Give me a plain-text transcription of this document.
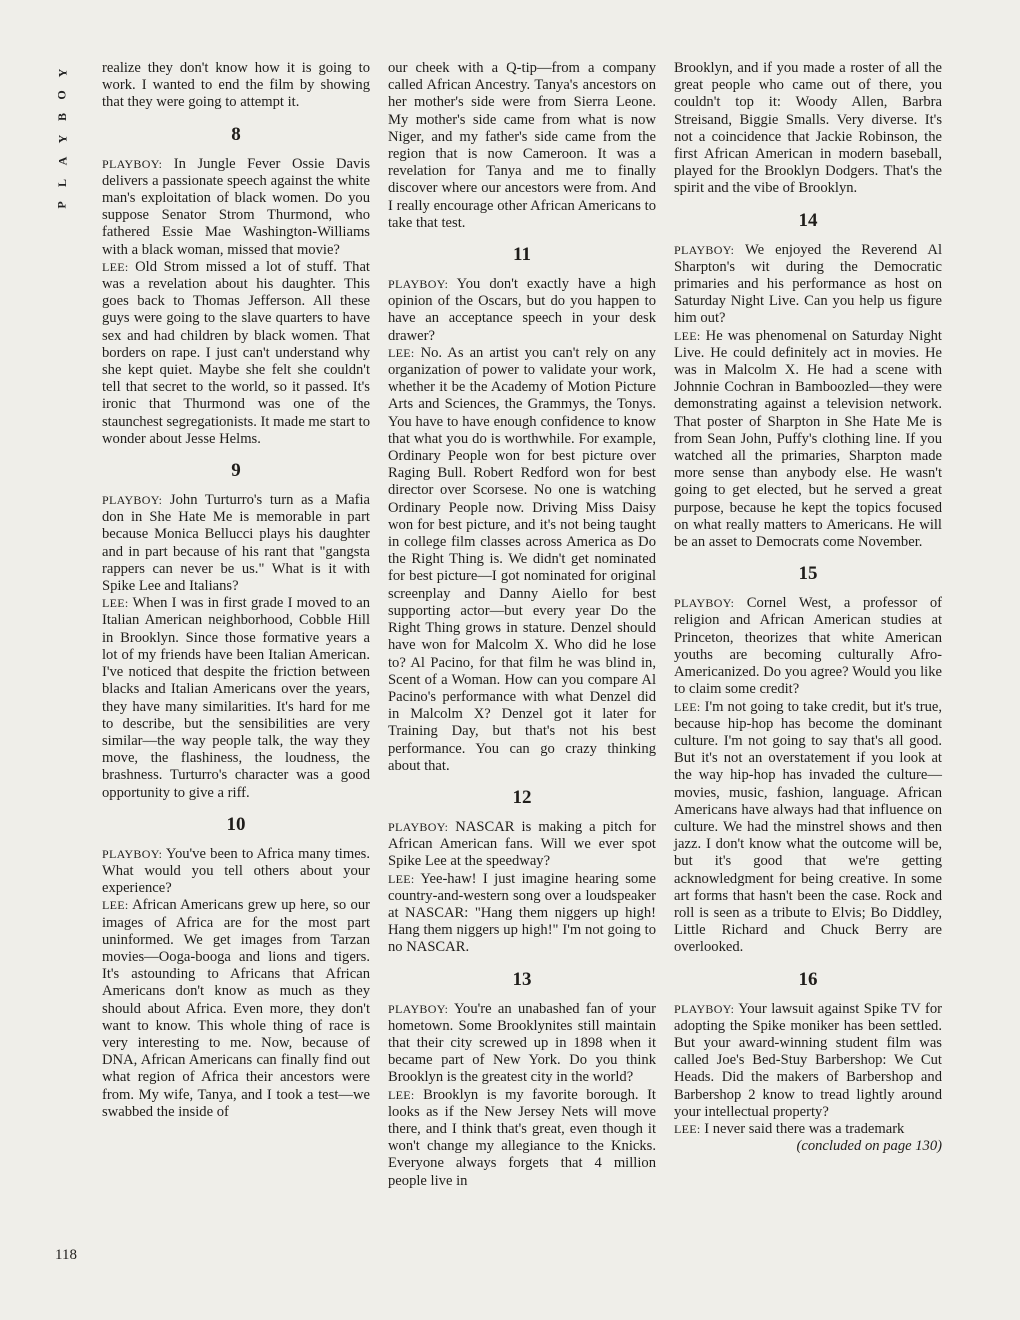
Y
O
B
Y
A
L
P
118

realize they don't know how it is going to work. I wanted to end the film by showing that they were going to attempt it.

8

PLAYBOY: In Jungle Fever Ossie Davis delivers a passionate speech against the white man's exploitation of black women. Do you suppose Senator Strom Thurmond, who fathered Essie Mae Washington-Williams with a black woman, missed that movie?

LEE: Old Strom missed a lot of stuff. That was a revelation about his daughter. This goes back to Thomas Jefferson. All these guys were going to the slave quarters to have sex and had children by black women. That borders on rape. I just can't understand why she kept quiet. Maybe she felt she couldn't tell that secret to the world, so it passed. It's ironic that Thurmond was one of the staunchest segregationists. It made me start to wonder about Jesse Helms.

9

PLAYBOY: John Turturro's turn as a Mafia don in She Hate Me is memorable in part because Monica Bellucci plays his daughter and in part because of his rant that "gangsta rappers can never be us." What is it with Spike Lee and Italians?

LEE: When I was in first grade I moved to an Italian American neighborhood, Cobble Hill in Brooklyn. Since those formative years a lot of my friends have been Italian American. I've noticed that despite the friction between blacks and Italian Americans over the years, they have many similarities. It's hard for me to describe, but the sensibilities are very similar—the way people talk, the way they move, the flashiness, the loudness, the brashness. Turturro's character was a good opportunity to give a riff.

10

PLAYBOY: You've been to Africa many times. What would you tell others about your experience?

LEE: African Americans grew up here, so our images of Africa are for the most part uninformed. We get images from Tarzan movies—Ooga-booga and lions and tigers. It's astounding to Africans that African Americans don't know as much as they should about Africa. Even more, they don't want to know. This whole thing of race is very interesting to me. Now, because of DNA, African Americans can finally find out what region of Africa their ancestors were from. My wife, Tanya, and I took a test—we swabbed the inside of

our cheek with a Q-tip—from a company called African Ancestry. Tanya's ancestors on her mother's side were from Sierra Leone. My mother's side came from what is now Niger, and my father's side came from the region that is now Cameroon. It was a revelation for Tanya and me to finally discover where our ancestors were from. And I really encourage other African Americans to take that test.

11

PLAYBOY: You don't exactly have a high opinion of the Oscars, but do you happen to have an acceptance speech in your desk drawer?

LEE: No. As an artist you can't rely on any organization of power to validate your work, whether it be the Academy of Motion Picture Arts and Sciences, the Grammys, the Tonys. You have to have enough confidence to know that what you do is worthwhile. For example, Ordinary People won for best picture over Raging Bull. Robert Redford won for best director over Scorsese. No one is watching Ordinary People now. Driving Miss Daisy won for best picture, and it's not being taught in college film classes across America as Do the Right Thing is. We didn't get nominated for best picture—I got nominated for original screenplay and Danny Aiello for best supporting actor—but every year Do the Right Thing grows in stature. Denzel should have won for Malcolm X. Who did he lose to? Al Pacino, for that film he was blind in, Scent of a Woman. How can you compare Al Pacino's performance with what Denzel did in Malcolm X? Denzel got it later for Training Day, but that's not his best performance. You can go crazy thinking about that.

12

PLAYBOY: NASCAR is making a pitch for African American fans. Will we ever spot Spike Lee at the speedway?

LEE: Yee-haw! I just imagine hearing some country-and-western song over a loudspeaker at NASCAR: "Hang them niggers up high! Hang them niggers up high!" I'm not going to no NASCAR.

13

PLAYBOY: You're an unabashed fan of your hometown. Some Brooklynites still maintain that their city screwed up in 1898 when it became part of New York. Do you think Brooklyn is the greatest city in the world?

LEE: Brooklyn is my favorite borough. It looks as if the New Jersey Nets will move there, and I think that's great, even though it won't change my allegiance to the Knicks. Everyone always forgets that 4 million people live in

Brooklyn, and if you made a roster of all the great people who came out of there, you couldn't top it: Woody Allen, Barbra Streisand, Biggie Smalls. Very diverse. It's not a coincidence that Jackie Robinson, the first African American in modern baseball, played for the Brooklyn Dodgers. That's the spirit and the vibe of Brooklyn.

14

PLAYBOY: We enjoyed the Reverend Al Sharpton's wit during the Democratic primaries and his performance as host on Saturday Night Live. Can you help us figure him out?

LEE: He was phenomenal on Saturday Night Live. He could definitely act in movies. He was in Malcolm X. He had a scene with Johnnie Cochran in Bamboozled—they were demonstrating against a television network. That poster of Sharpton in She Hate Me is from Sean John, Puffy's clothing line. If you watched all the primaries, Sharpton made more sense than anybody else. He wasn't going to get elected, but he served a great purpose, because he kept the topics focused on what really matters to Americans. He will be an asset to Democrats come November.

15

PLAYBOY: Cornel West, a professor of religion and African American studies at Princeton, theorizes that white American youths are becoming culturally Afro-Americanized. Do you agree? Would you like to claim some credit?

LEE: I'm not going to take credit, but it's true, because hip-hop has become the dominant culture. I'm not going to say that's all good. But it's not an overstatement if you look at the way hip-hop has invaded the culture—movies, music, fashion, language. African Americans have always had that influence on culture. We had the minstrel shows and then jazz. I don't know what the outcome will be, but it's good that we're getting acknowledgment for being creative. In some art forms that hasn't been the case. Rock and roll is seen as a tribute to Elvis; Bo Diddley, Little Richard and Chuck Berry are overlooked.

16

PLAYBOY: Your lawsuit against Spike TV for adopting the Spike moniker has been settled. But your award-winning student film was called Joe's Bed-Stuy Barbershop: We Cut Heads. Did the makers of Barbershop and Barbershop 2 know to tread lightly around your intellectual property?

LEE: I never said there was a trademark

(concluded on page 130)
